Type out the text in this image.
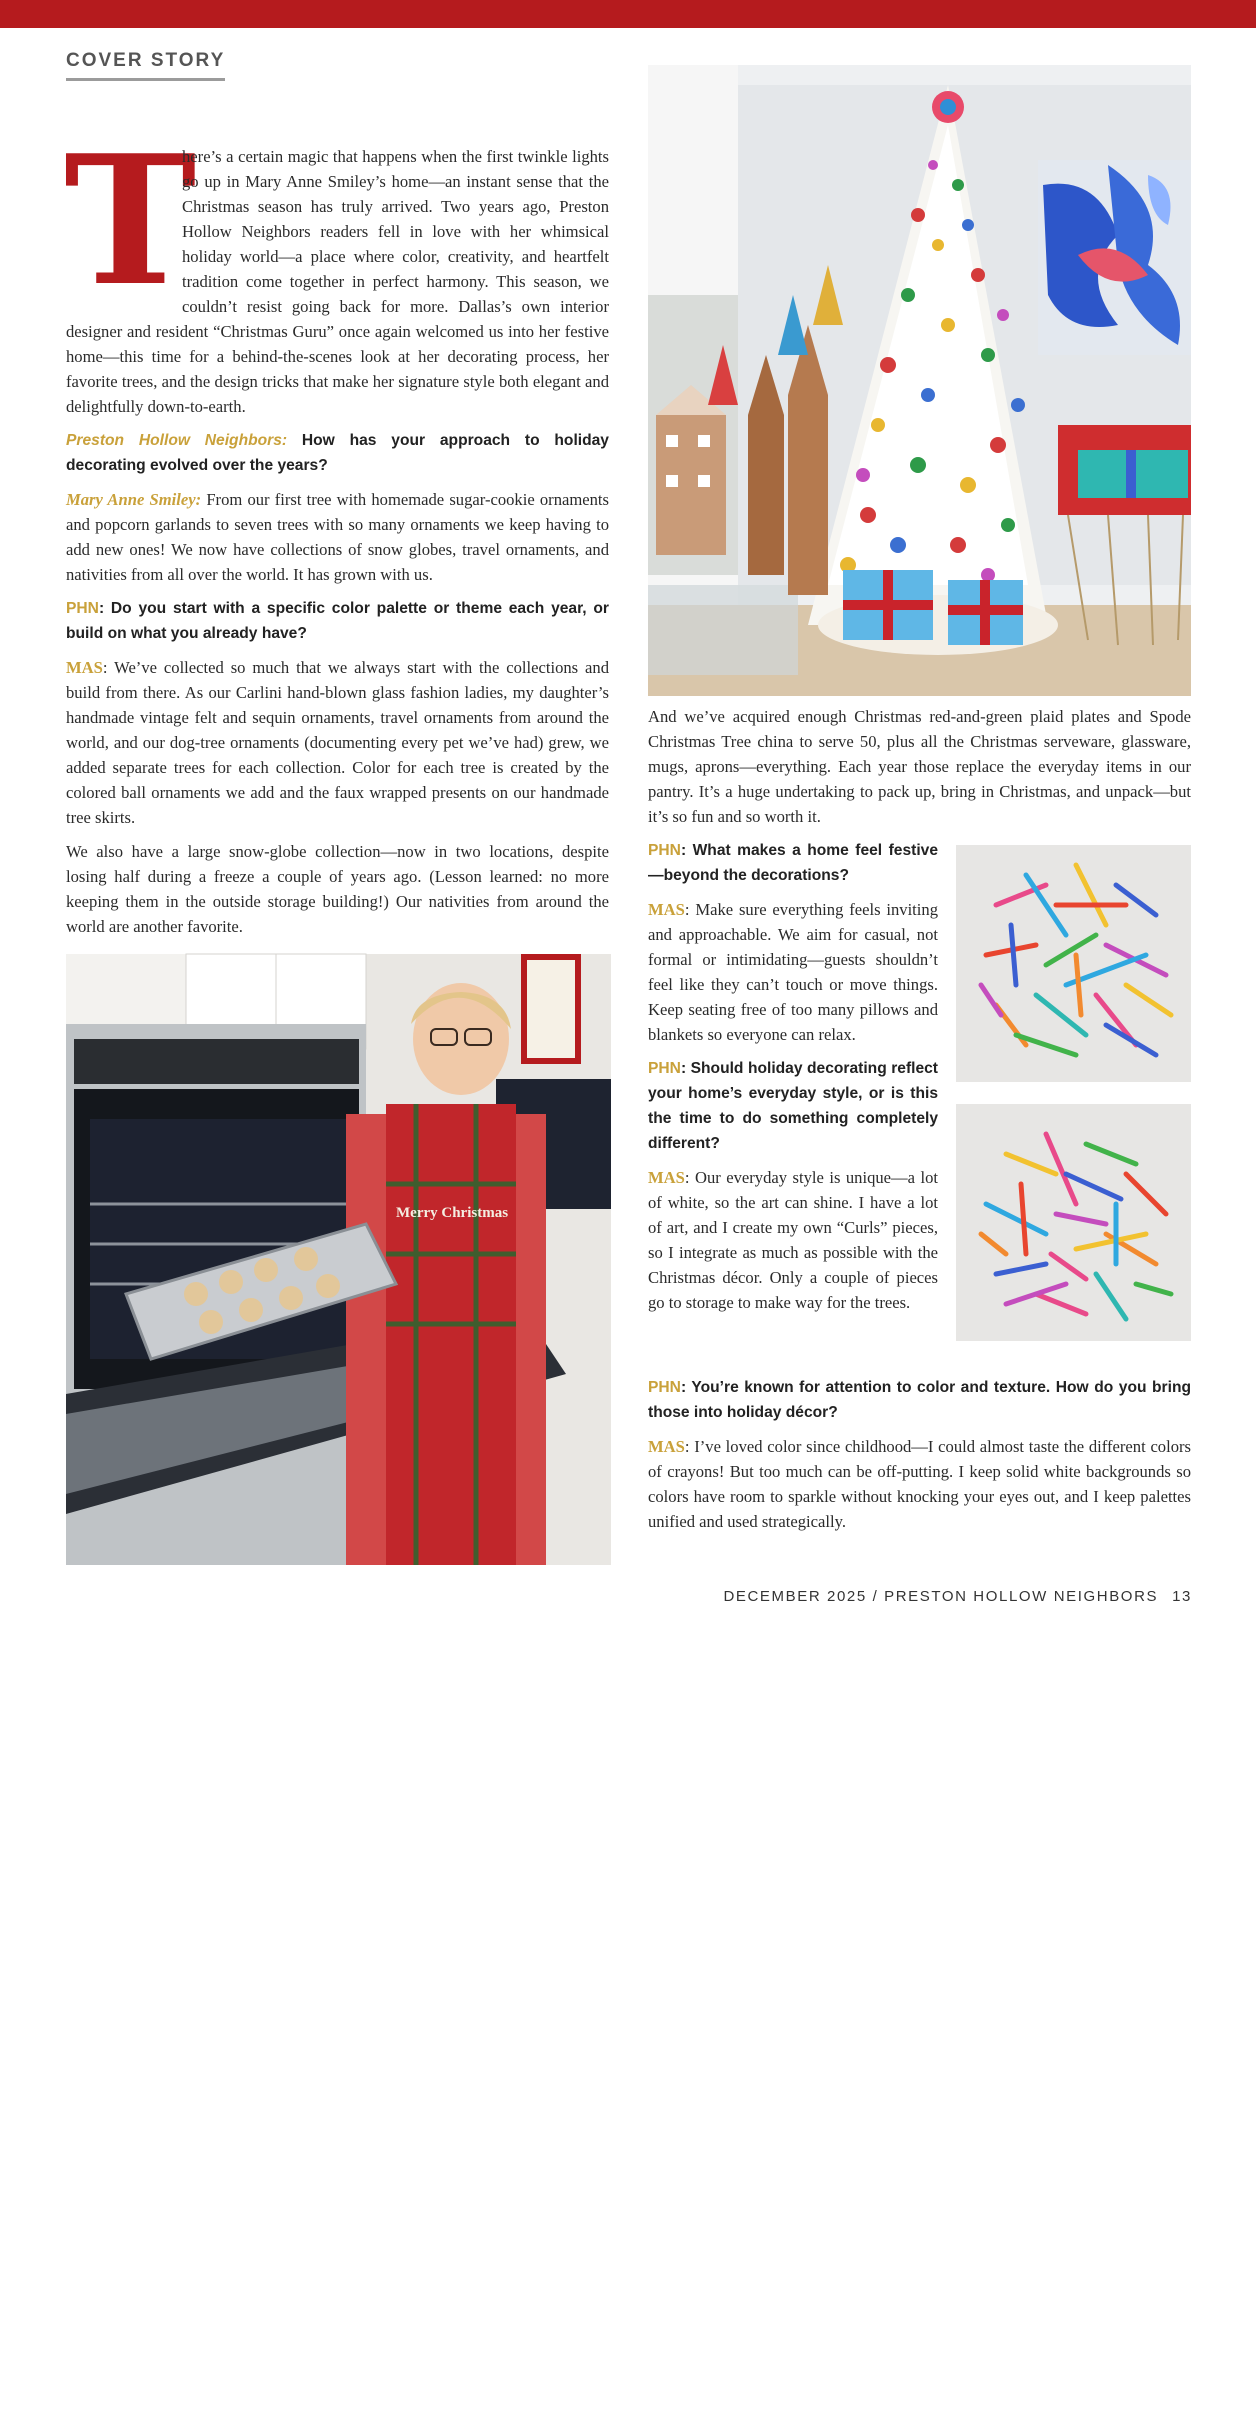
COVER STORY

T
here’s a certain magic that happens when the first twinkle lights go up in Mary Anne Smiley’s home—an instant sense that the Christmas season has truly arrived. Two years ago, Preston Hollow Neighbors readers fell in love with her whimsical holiday world—a place where color, creativity, and heartfelt tradition come together in perfect harmony. This season, we couldn’t resist going back for more. Dallas’s own interior designer and resident “Christmas Guru” once again welcomed us into her festive home—this time for a behind-the-scenes look at her decorating process, her favorite trees, and the design tricks that make her signature style both elegant and delightfully down-to-earth.

Preston Hollow Neighbors: How has your approach to holiday decorating evolved over the years?

Mary Anne Smiley: From our first tree with homemade sugar-cookie ornaments and popcorn garlands to seven trees with so many ornaments we keep having to add new ones! We now have collections of snow globes, travel ornaments, and nativities from all over the world. It has grown with us.

PHN: Do you start with a specific color palette or theme each year, or build on what you already have?

MAS: We’ve collected so much that we always start with the collections and build from there. As our Carlini hand-blown glass fashion ladies, my daughter’s handmade vintage felt and sequin ornaments, travel ornaments from around the world, and our dog-tree ornaments (documenting every pet we’ve had) grew, we added separate trees for each collection. Color for each tree is created by the colored ball ornaments we add and the faux wrapped presents on our handmade tree skirts.

We also have a large snow-globe collection—now in two locations, despite losing half during a freeze a couple of years ago. (Lesson learned: no more keeping them in the outside storage building!) Our nativities from around the world are another favorite.

Merry Christmas
Photo By Randy Ruiz

And we’ve acquired enough Christmas red-and-green plaid plates and Spode Christmas Tree china to serve 50, plus all the Christmas serveware, glassware, mugs, aprons—everything. Each year those replace the everyday items in our pantry. It’s a huge undertaking to pack up, bring in Christmas, and unpack—but it’s so fun and so worth it.

PHN: What makes a home feel festive—beyond the decorations?

MAS: Make sure everything feels inviting and approachable. We aim for casual, not formal or intimidating—guests shouldn’t feel like they can’t touch or move things. Keep seating free of too many pillows and blankets so everyone can relax.

PHN: Should holiday decorating reflect your home’s everyday style, or is this the time to do something completely different?

MAS: Our everyday style is unique—a lot of white, so the art can shine. I have a lot of art, and I create my own “Curls” pieces, so I integrate as much as possible with the Christmas décor. Only a couple of pieces go to storage to make way for the trees.

PHN: You’re known for attention to color and texture. How do you bring those into holiday décor?

MAS: I’ve loved color since childhood—I could almost taste the different colors of crayons! But too much can be off-putting. I keep solid white backgrounds so colors have room to sparkle without knocking your eyes out, and I keep palettes unified and used strategically.

DECEMBER 2025 / PRESTON HOLLOW NEIGHBORS 13
